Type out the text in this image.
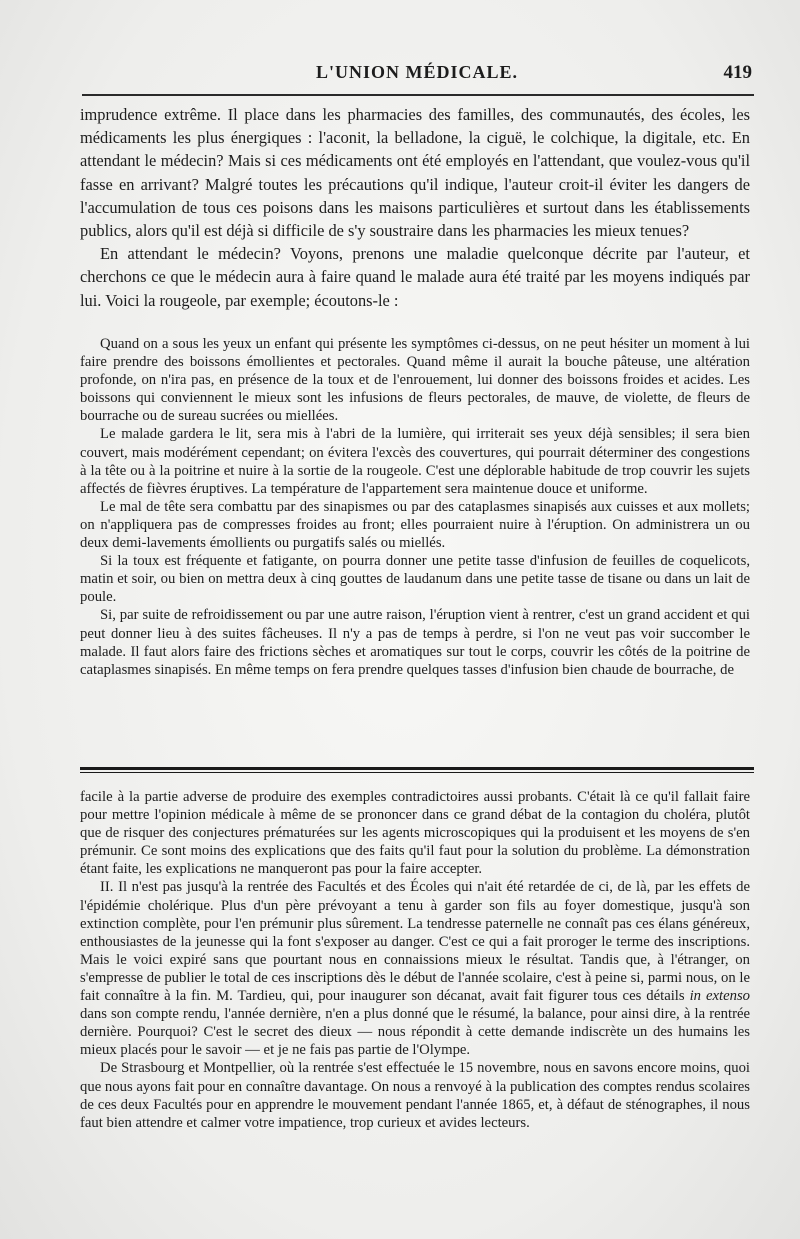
L'UNION MÉDICALE.	419

imprudence extrême. Il place dans les pharmacies des familles, des communautés, des écoles, les médicaments les plus énergiques : l'aconit, la belladone, la ciguë, le colchique, la digitale, etc. En attendant le médecin? Mais si ces médicaments ont été employés en l'attendant, que voulez-vous qu'il fasse en arrivant? Malgré toutes les précautions qu'il indique, l'auteur croit-il éviter les dangers de l'accumulation de tous ces poisons dans les maisons particulières et surtout dans les établissements publics, alors qu'il est déjà si difficile de s'y soustraire dans les pharmacies les mieux tenues?

En attendant le médecin? Voyons, prenons une maladie quelconque décrite par l'auteur, et cherchons ce que le médecin aura à faire quand le malade aura été traité par les moyens indiqués par lui. Voici la rougeole, par exemple; écoutons-le :

Quand on a sous les yeux un enfant qui présente les symptômes ci-dessus, on ne peut hésiter un moment à lui faire prendre des boissons émollientes et pectorales. Quand même il aurait la bouche pâteuse, une altération profonde, on n'ira pas, en présence de la toux et de l'enrouement, lui donner des boissons froides et acides. Les boissons qui conviennent le mieux sont les infusions de fleurs pectorales, de mauve, de violette, de fleurs de bourrache ou de sureau sucrées ou miellées.

Le malade gardera le lit, sera mis à l'abri de la lumière, qui irriterait ses yeux déjà sensibles; il sera bien couvert, mais modérément cependant; on évitera l'excès des couvertures, qui pourrait déterminer des congestions à la tête ou à la poitrine et nuire à la sortie de la rougeole. C'est une déplorable habitude de trop couvrir les sujets affectés de fièvres éruptives. La température de l'appartement sera maintenue douce et uniforme.

Le mal de tête sera combattu par des sinapismes ou par des cataplasmes sinapisés aux cuisses et aux mollets; on n'appliquera pas de compresses froides au front; elles pourraient nuire à l'éruption. On administrera un ou deux demi-lavements émollients ou purgatifs salés ou miellés.

Si la toux est fréquente et fatigante, on pourra donner une petite tasse d'infusion de feuilles de coquelicots, matin et soir, ou bien on mettra deux à cinq gouttes de laudanum dans une petite tasse de tisane ou dans un lait de poule.

Si, par suite de refroidissement ou par une autre raison, l'éruption vient à rentrer, c'est un grand accident et qui peut donner lieu à des suites fâcheuses. Il n'y a pas de temps à perdre, si l'on ne veut pas voir succomber le malade. Il faut alors faire des frictions sèches et aromatiques sur tout le corps, couvrir les côtés de la poitrine de cataplasmes sinapisés. En même temps on fera prendre quelques tasses d'infusion bien chaude de bourrache, de

facile à la partie adverse de produire des exemples contradictoires aussi probants. C'était là ce qu'il fallait faire pour mettre l'opinion médicale à même de se prononcer dans ce grand débat de la contagion du choléra, plutôt que de risquer des conjectures prématurées sur les agents microscopiques qui la produisent et les moyens de s'en prémunir. Ce sont moins des explications que des faits qu'il faut pour la solution du problème. La démonstration étant faite, les explications ne manqueront pas pour la faire accepter.

II. Il n'est pas jusqu'à la rentrée des Facultés et des Écoles qui n'ait été retardée de ci, de là, par les effets de l'épidémie cholérique. Plus d'un père prévoyant a tenu à garder son fils au foyer domestique, jusqu'à son extinction complète, pour l'en prémunir plus sûrement. La tendresse paternelle ne connaît pas ces élans généreux, enthousiastes de la jeunesse qui la font s'exposer au danger. C'est ce qui a fait proroger le terme des inscriptions. Mais le voici expiré sans que pourtant nous en connaissions mieux le résultat. Tandis que, à l'étranger, on s'empresse de publier le total de ces inscriptions dès le début de l'année scolaire, c'est à peine si, parmi nous, on le fait connaître à la fin. M. Tardieu, qui, pour inaugurer son décanat, avait fait figurer tous ces détails in extenso dans son compte rendu, l'année dernière, n'en a plus donné que le résumé, la balance, pour ainsi dire, à la rentrée dernière. Pourquoi? C'est le secret des dieux — nous répondit à cette demande indiscrète un des humains les mieux placés pour le savoir — et je ne fais pas partie de l'Olympe.

De Strasbourg et Montpellier, où la rentrée s'est effectuée le 15 novembre, nous en savons encore moins, quoi que nous ayons fait pour en connaître davantage. On nous a renvoyé à la publication des comptes rendus scolaires de ces deux Facultés pour en apprendre le mouvement pendant l'année 1865, et, à défaut de sténographes, il nous faut bien attendre et calmer votre impatience, trop curieux et avides lecteurs.
